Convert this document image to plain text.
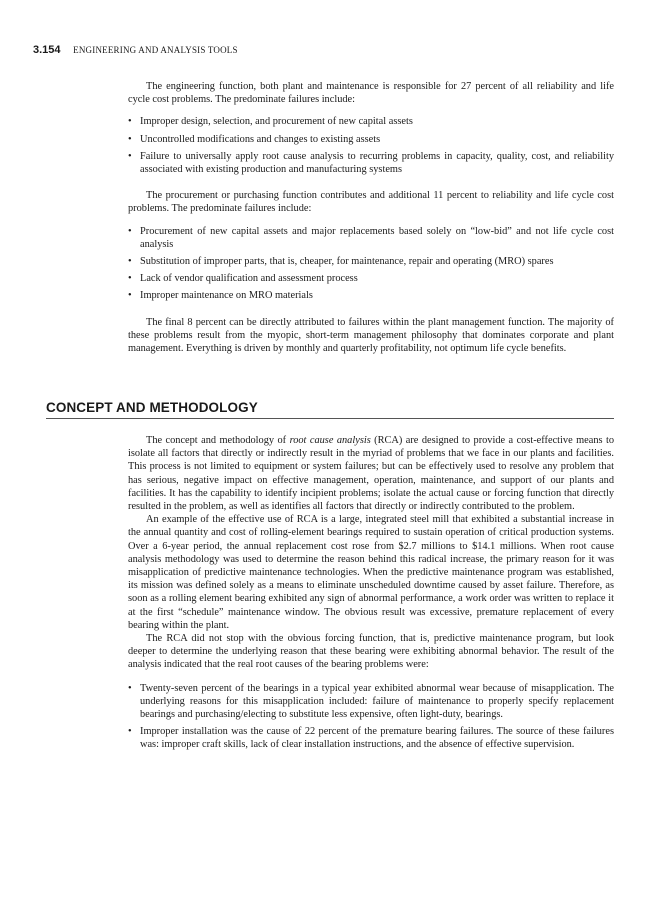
3.154 ENGINEERING AND ANALYSIS TOOLS

The engineering function, both plant and maintenance is responsible for 27 percent of all reliability and life cycle cost problems. The predominate failures include:

• Improper design, selection, and procurement of new capital assets
• Uncontrolled modifications and changes to existing assets
• Failure to universally apply root cause analysis to recurring problems in capacity, quality, cost, and reliability associated with existing production and manufacturing systems

The procurement or purchasing function contributes and additional 11 percent to reliability and life cycle cost problems. The predominate failures include:

• Procurement of new capital assets and major replacements based solely on “low-bid” and not life cycle cost analysis
• Substitution of improper parts, that is, cheaper, for maintenance, repair and operating (MRO) spares
• Lack of vendor qualification and assessment process
• Improper maintenance on MRO materials

The final 8 percent can be directly attributed to failures within the plant management function. The majority of these problems result from the myopic, short-term management philosophy that dominates corporate and plant management. Everything is driven by monthly and quarterly profitability, not optimum life cycle benefits.

CONCEPT AND METHODOLOGY

The concept and methodology of root cause analysis (RCA) are designed to provide a cost-effective means to isolate all factors that directly or indirectly result in the myriad of problems that we face in our plants and facilities. This process is not limited to equipment or system failures; but can be effectively used to resolve any problem that has serious, negative impact on effective management, operation, maintenance, and support of our plants and facilities. It has the capability to identify incipient problems; isolate the actual cause or forcing function that directly resulted in the problem, as well as identifies all factors that directly or indirectly contributed to the problem.

An example of the effective use of RCA is a large, integrated steel mill that exhibited a substantial increase in the annual quantity and cost of rolling-element bearings required to sustain operation of critical production systems. Over a 6-year period, the annual replacement cost rose from $2.7 millions to $14.1 millions. When root cause analysis methodology was used to determine the reason behind this radical increase, the primary reason for it was misapplication of predictive maintenance technologies. When the predictive maintenance program was established, its mission was defined solely as a means to eliminate unscheduled downtime caused by asset failure. Therefore, as soon as a rolling element bearing exhibited any sign of abnormal performance, a work order was written to replace it at the first “schedule” maintenance window. The obvious result was excessive, premature replacement of every bearing within the plant.

The RCA did not stop with the obvious forcing function, that is, predictive maintenance program, but look deeper to determine the underlying reason that these bearing were exhibiting abnormal behavior. The result of the analysis indicated that the real root causes of the bearing problems were:

• Twenty-seven percent of the bearings in a typical year exhibited abnormal wear because of misapplication. The underlying reasons for this misapplication included: failure of maintenance to properly specify replacement bearings and purchasing/electing to substitute less expensive, often light-duty, bearings.
• Improper installation was the cause of 22 percent of the premature bearing failures. The source of these failures was: improper craft skills, lack of clear installation instructions, and the absence of effective supervision.
